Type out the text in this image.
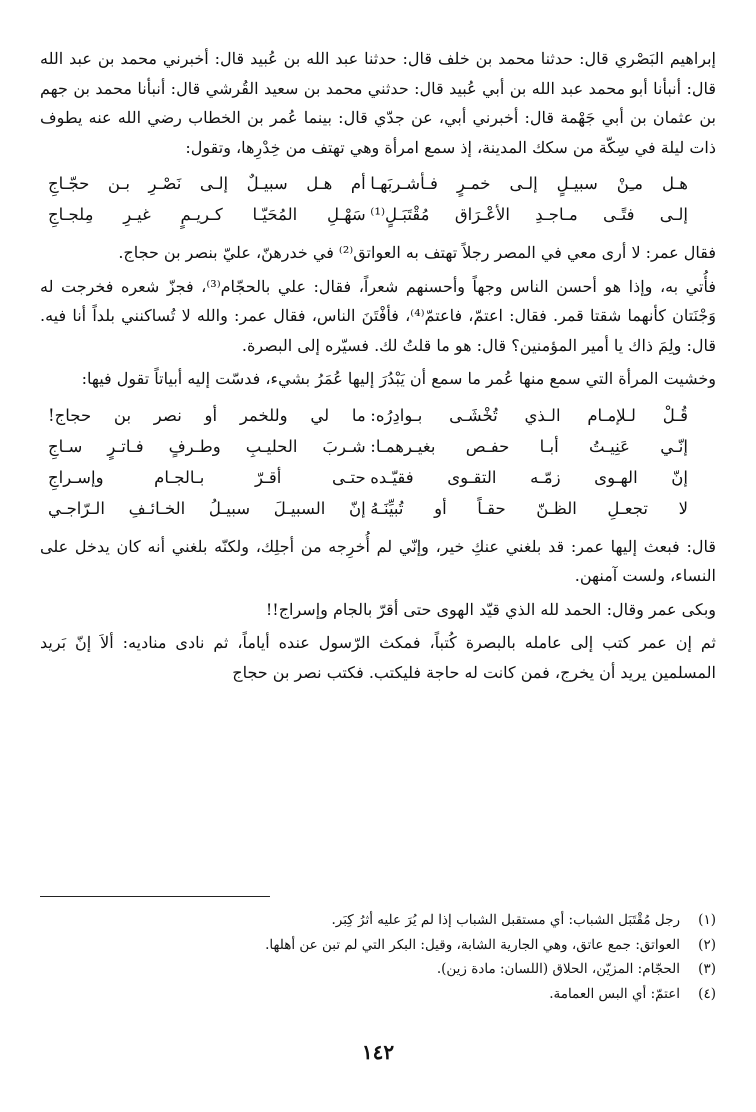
إبراهيم البَصْري قال: حدثنا محمد بن خلف قال: حدثنا عبد الله بن عُبيد قال: أخبرني محمد بن عبد الله قال: أنبأنا أبو محمد عبد الله بن أبي عُبيد قال: حدثني محمد بن سعيد القُرشي قال: أنبأنا محمد بن جهم بن عثمان بن أبي جَهْمة قال: أخبرني أبي، عن جدّي قال: بينما عُمر بن الخطاب رضي الله عنه يطوف ذات ليلة في سِكّة من سكك المدينة، إذ سمع امرأة وهي تهتف من خِدْرِها، وتقول:

هـل مـِنْ سبيـلٍ إلـى خمـرٍ فـأشـربَهـا
أم هـل سبيـلٌ إلـى نَصْـرِ بـن حجّـاجِ
إلـى فتًـى مـاجـدِ الأعْـرَاق مُقْتَبَـلٍ⁽¹⁾
سَهْـلِ المُحَيّـا كـريـمٍ غيـرِ مِلجـاجِ

فقال عمر: لا أرى معي في المصر رجلاً تهتف به العواتق⁽²⁾ في خدرهنّ، عليّ بنصر بن حجاج.

فأُتي به، وإذا هو أحسن الناس وجهاً وأحسنهم شعراً، فقال: علي بالحجّام⁽³⁾، فجزّ شعره فخرجت له وَجْنَتان كأنهما شقتا قمر. فقال: اعتمّ، فاعتمّ⁽⁴⁾، فأفْتَنَ الناس، فقال عمر: والله لا تُساكنني بلداً أنا فيه. قال: ولِمَ ذاك يا أمير المؤمنين؟ قال: هو ما قلتُ لك. فسيّره إلى البصرة.

وخشيت المرأة التي سمع منها عُمر ما سمع أن يَبْدُرَ إليها عُمَرُ بشيء، فدسّت إليه أبياتاً تقول فيها:

قُـلْ لـلإمـام الـذي تُخْشَـى بـوادِرُه:
ما لي وللخمر أو نصر بن حجاج!
إنّـي عَنِيـتُ أبـا حفـص بغيـرهمـا:
شـربَ الحليـبِ وطـرفٍ فـاتـرٍ سـاجِ
إنّ الهـوى زمّـه التقـوى فقيّـده
حتـى أقـرّ بـالجـام وإسـراجِ
لا تجعـلِ الظـنّ حقـاً أو تُبيِّنَـهُ
إنّ السبيـلَ سبيـلُ الخـائـفِ الـرّاجـي

قال: فبعث إليها عمر: قد بلغني عنكِ خير، وإنّي لم أُخرِجه من أجلِك، ولكنّه بلغني أنه كان يدخل على النساء، ولست آمنهن.

وبكى عمر وقال: الحمد لله الذي قيّد الهوى حتى أقرّ بالجام وإسراج!!

ثم إن عمر كتب إلى عامله بالبصرة كُتباً، فمكث الرّسول عنده أياماً، ثم نادى مناديه: ألاَ إنّ بَريد المسلمين يريد أن يخرج، فمن كانت له حاجة فليكتب. فكتب نصر بن حجاج

(١)
رجل مُقْتَبَل الشباب: أي مستقبل الشباب إذا لم يُرَ عليه أثرُ كِبَر.
(٢)
العواتق: جمع عاتق، وهي الجارية الشابة، وقيل: البكر التي لم تبن عن أهلها.
(٣)
الحجّام: المزيّن، الحلاق (اللسان: مادة زين).
(٤)
اعتمّ: أي البس العمامة.
١٤٢
